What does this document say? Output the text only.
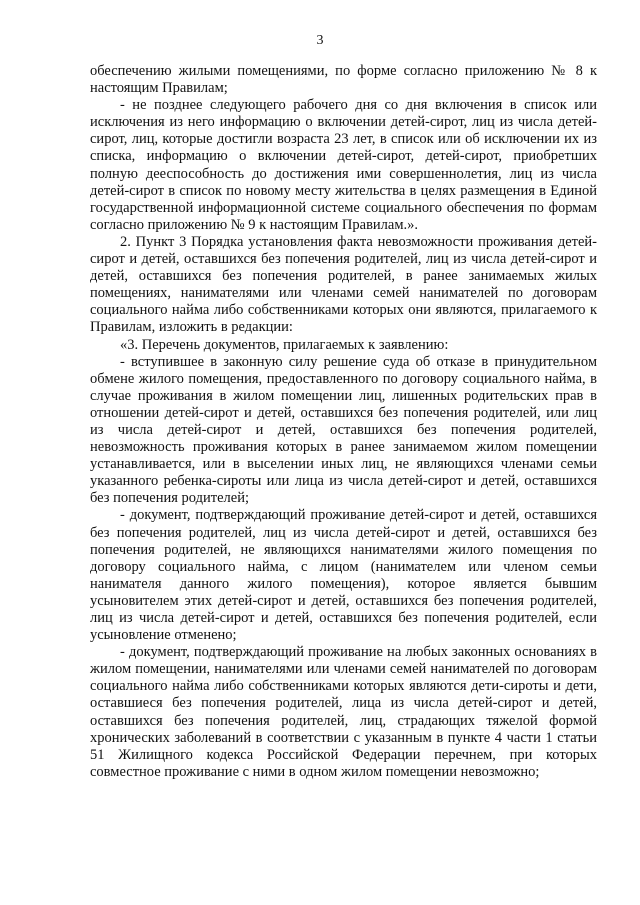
3

обеспечению жилыми помещениями, по форме согласно приложению № 8 к настоящим Правилам;

- не позднее следующего рабочего дня со дня включения в список или исключения из него информацию о включении детей-сирот, лиц из числа детей-сирот, лиц, которые достигли возраста 23 лет, в список или об исключении их из списка, информацию о включении детей-сирот, детей-сирот, приобретших полную дееспособность до достижения ими совершеннолетия, лиц из числа детей-сирот в список по новому месту жительства в целях размещения в Единой государственной информационной системе социального обеспечения по формам согласно приложению № 9 к настоящим Правилам.».

2. Пункт 3 Порядка установления факта невозможности проживания детей-сирот и детей, оставшихся без попечения родителей, лиц из числа детей-сирот и детей, оставшихся без попечения родителей, в ранее занимаемых жилых помещениях, нанимателями или членами семей нанимателей по договорам социального найма либо собственниками которых они являются, прилагаемого к Правилам, изложить в редакции:

«3. Перечень документов, прилагаемых к заявлению:

- вступившее в законную силу решение суда об отказе в принудительном обмене жилого помещения, предоставленного по договору социального найма, в случае проживания в жилом помещении лиц, лишенных родительских прав в отношении детей-сирот и детей, оставшихся без попечения родителей, или лиц из числа детей-сирот и детей, оставшихся без попечения родителей, невозможность проживания которых в ранее занимаемом жилом помещении устанавливается, или в выселении иных лиц, не являющихся членами семьи указанного ребенка-сироты или лица из числа детей-сирот и детей, оставшихся без попечения родителей;

- документ, подтверждающий проживание детей-сирот и детей, оставшихся без попечения родителей, лиц из числа детей-сирот и детей, оставшихся без попечения родителей, не являющихся нанимателями жилого помещения по договору социального найма, с лицом (нанимателем или членом семьи нанимателя данного жилого помещения), которое является бывшим усыновителем этих детей-сирот и детей, оставшихся без попечения родителей, лиц из числа детей-сирот и детей, оставшихся без попечения родителей, если усыновление отменено;

- документ, подтверждающий проживание на любых законных основаниях в жилом помещении, нанимателями или членами семей нанимателей по договорам социального найма либо собственниками которых являются дети-сироты и дети, оставшиеся без попечения родителей, лица из числа детей-сирот и детей, оставшихся без попечения родителей, лиц, страдающих тяжелой формой хронических заболеваний в соответствии с указанным в пункте 4 части 1 статьи 51 Жилищного кодекса Российской Федерации перечнем, при которых совместное проживание с ними в одном жилом помещении невозможно;
